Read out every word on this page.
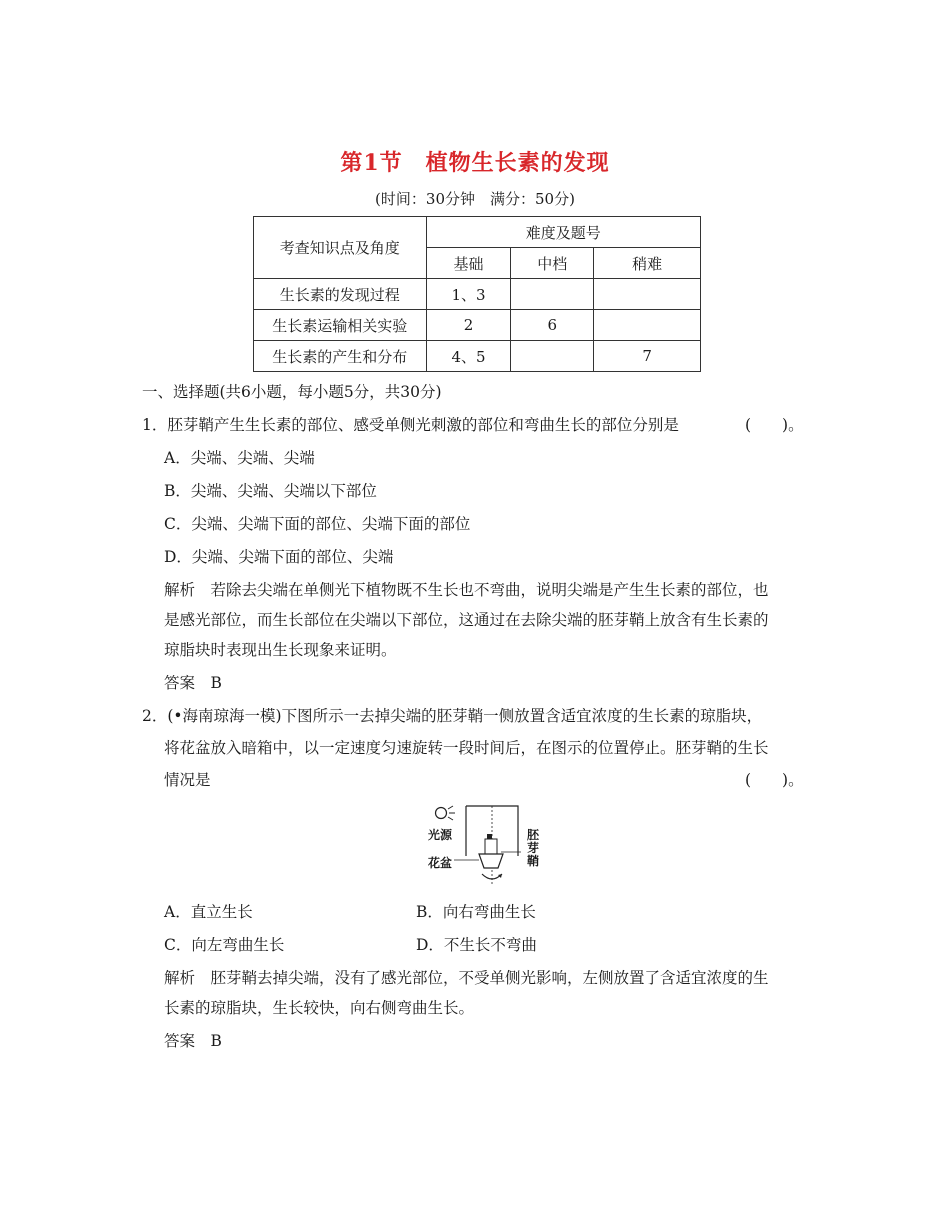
第1节　植物生长素的发现
(时间：30分钟　满分：50分)
考查知识点及角度	难度及题号		
	基础	中档	稍难
生长素的发现过程	1、3		
生长素运输相关实验	2	6	
生长素的产生和分布	4、5		7
一、选择题(共6小题，每小题5分，共30分)
1．胚芽鞘产生生长素的部位、感受单侧光刺激的部位和弯曲生长的部位分别是	(　　)。
A．尖端、尖端、尖端
B．尖端、尖端、尖端以下部位
C．尖端、尖端下面的部位、尖端下面的部位
D．尖端、尖端下面的部位、尖端
解析　若除去尖端在单侧光下植物既不生长也不弯曲，说明尖端是产生生长素的部位，也
是感光部位，而生长部位在尖端以下部位，这通过在去除尖端的胚芽鞘上放含有生长素的
琼脂块时表现出生长现象来证明。
答案　B
2．(•海南琼海一模)下图所示一去掉尖端的胚芽鞘一侧放置含适宜浓度的生长素的琼脂块，
将花盆放入暗箱中，以一定速度匀速旋转一段时间后，在图示的位置停止。胚芽鞘的生长
情况是	(　　)。
光源
花盆
胚
芽
鞘
A．直立生长	B．向右弯曲生长
C．向左弯曲生长	D．不生长不弯曲
解析　胚芽鞘去掉尖端，没有了感光部位，不受单侧光影响，左侧放置了含适宜浓度的生
长素的琼脂块，生长较快，向右侧弯曲生长。
答案　B
